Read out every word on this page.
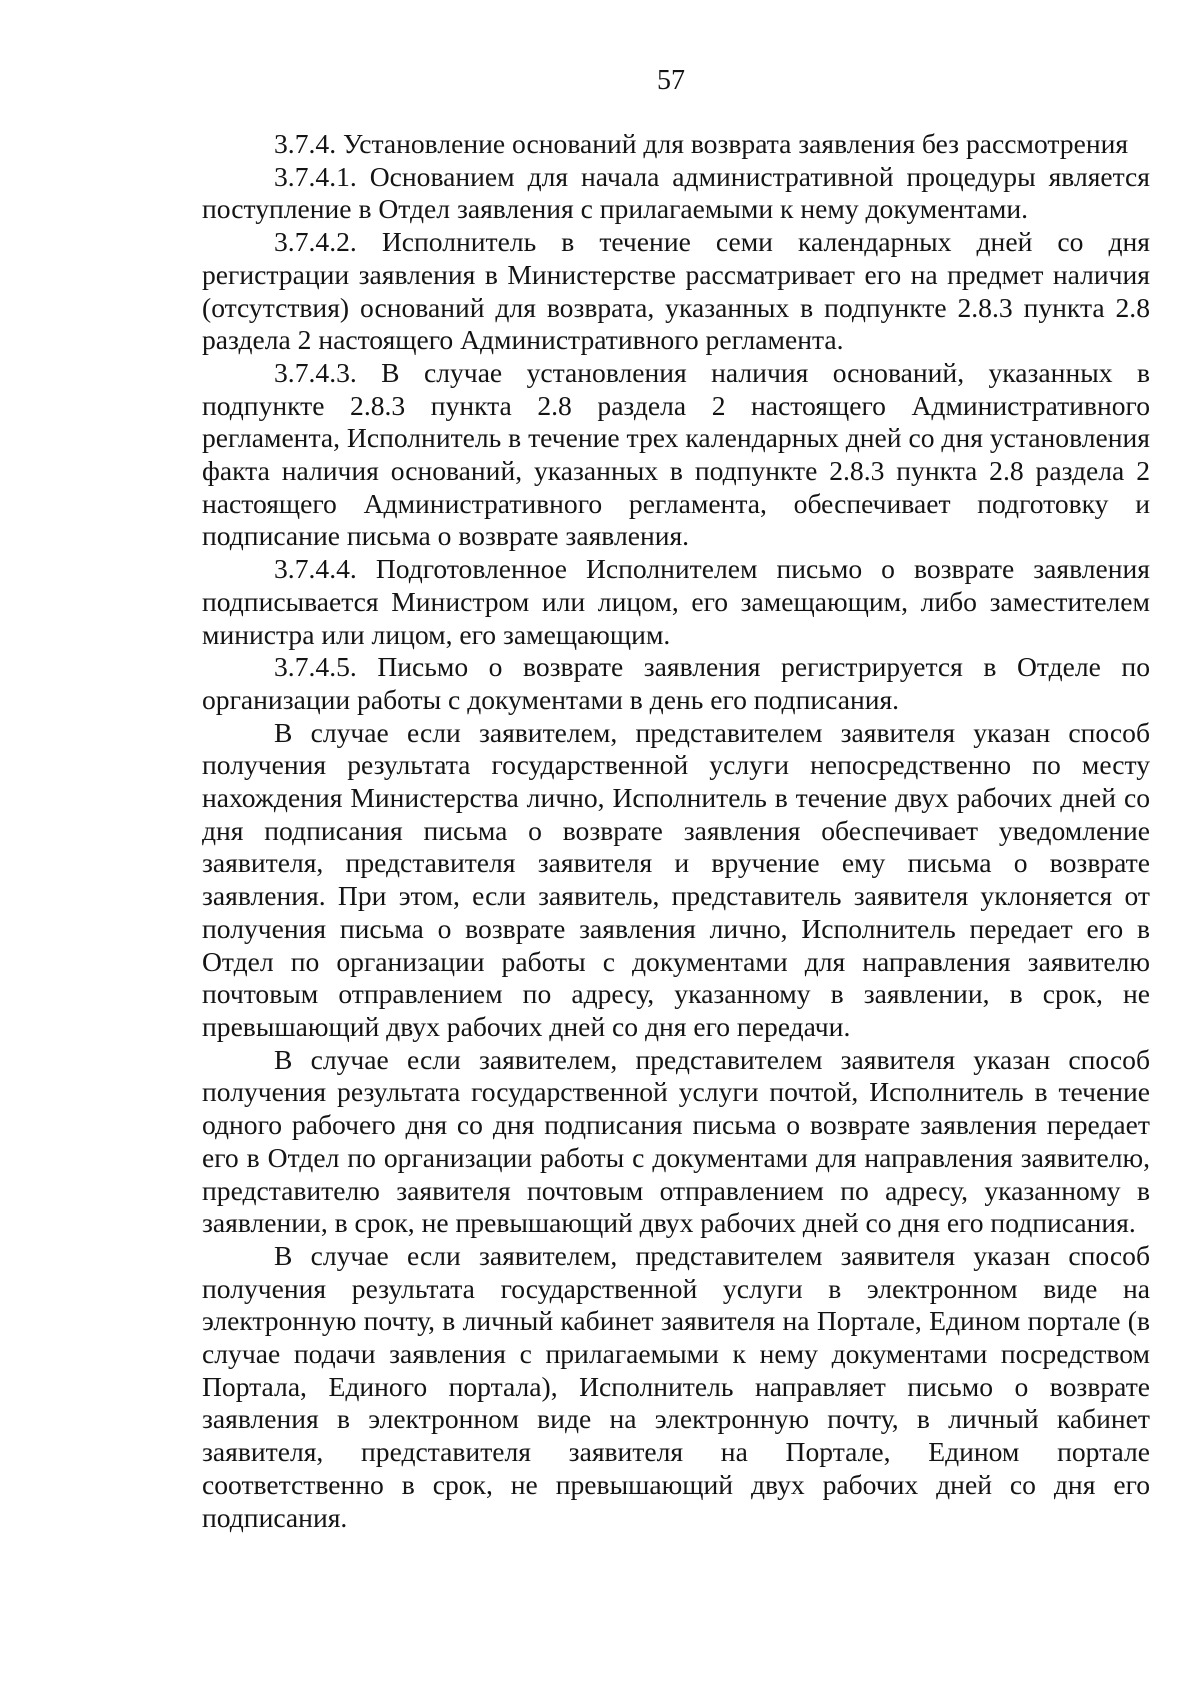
57

3.7.4. Установление оснований для возврата заявления без рассмотрения

3.7.4.1. Основанием для начала административной процедуры является поступление в Отдел заявления с прилагаемыми к нему документами.

3.7.4.2. Исполнитель в течение семи календарных дней со дня регистрации заявления в Министерстве рассматривает его на предмет наличия (отсутствия) оснований для возврата, указанных в подпункте 2.8.3 пункта 2.8 раздела 2 настоящего Административного регламента.

3.7.4.3. В случае установления наличия оснований, указанных в подпункте 2.8.3 пункта 2.8 раздела 2 настоящего Административного регламента, Исполнитель в течение трех календарных дней со дня установления факта наличия оснований, указанных в подпункте 2.8.3 пункта 2.8 раздела 2 настоящего Административного регламента, обеспечивает подготовку и подписание письма о возврате заявления.

3.7.4.4. Подготовленное Исполнителем письмо о возврате заявления подписывается Министром или лицом, его замещающим, либо заместителем министра или лицом, его замещающим.

3.7.4.5. Письмо о возврате заявления регистрируется в Отделе по организации работы с документами в день его подписания.

В случае если заявителем, представителем заявителя указан способ получения результата государственной услуги непосредственно по месту нахождения Министерства лично, Исполнитель в течение двух рабочих дней со дня подписания письма о возврате заявления обеспечивает уведомление заявителя, представителя заявителя и вручение ему письма о возврате заявления. При этом, если заявитель, представитель заявителя уклоняется от получения письма о возврате заявления лично, Исполнитель передает его в Отдел по организации работы с документами для направления заявителю почтовым отправлением по адресу, указанному в заявлении, в срок, не превышающий двух рабочих дней со дня его передачи.

В случае если заявителем, представителем заявителя указан способ получения результата государственной услуги почтой, Исполнитель в течение одного рабочего дня со дня подписания письма о возврате заявления передает его в Отдел по организации работы с документами для направления заявителю, представителю заявителя почтовым отправлением по адресу, указанному в заявлении, в срок, не превышающий двух рабочих дней со дня его подписания.

В случае если заявителем, представителем заявителя указан способ получения результата государственной услуги в электронном виде на электронную почту, в личный кабинет заявителя на Портале, Едином портале (в случае подачи заявления с прилагаемыми к нему документами посредством Портала, Единого портала), Исполнитель направляет письмо о возврате заявления в электронном виде на электронную почту, в личный кабинет заявителя, представителя заявителя на Портале, Едином портале соответственно в срок, не превышающий двух рабочих дней со дня его подписания.
